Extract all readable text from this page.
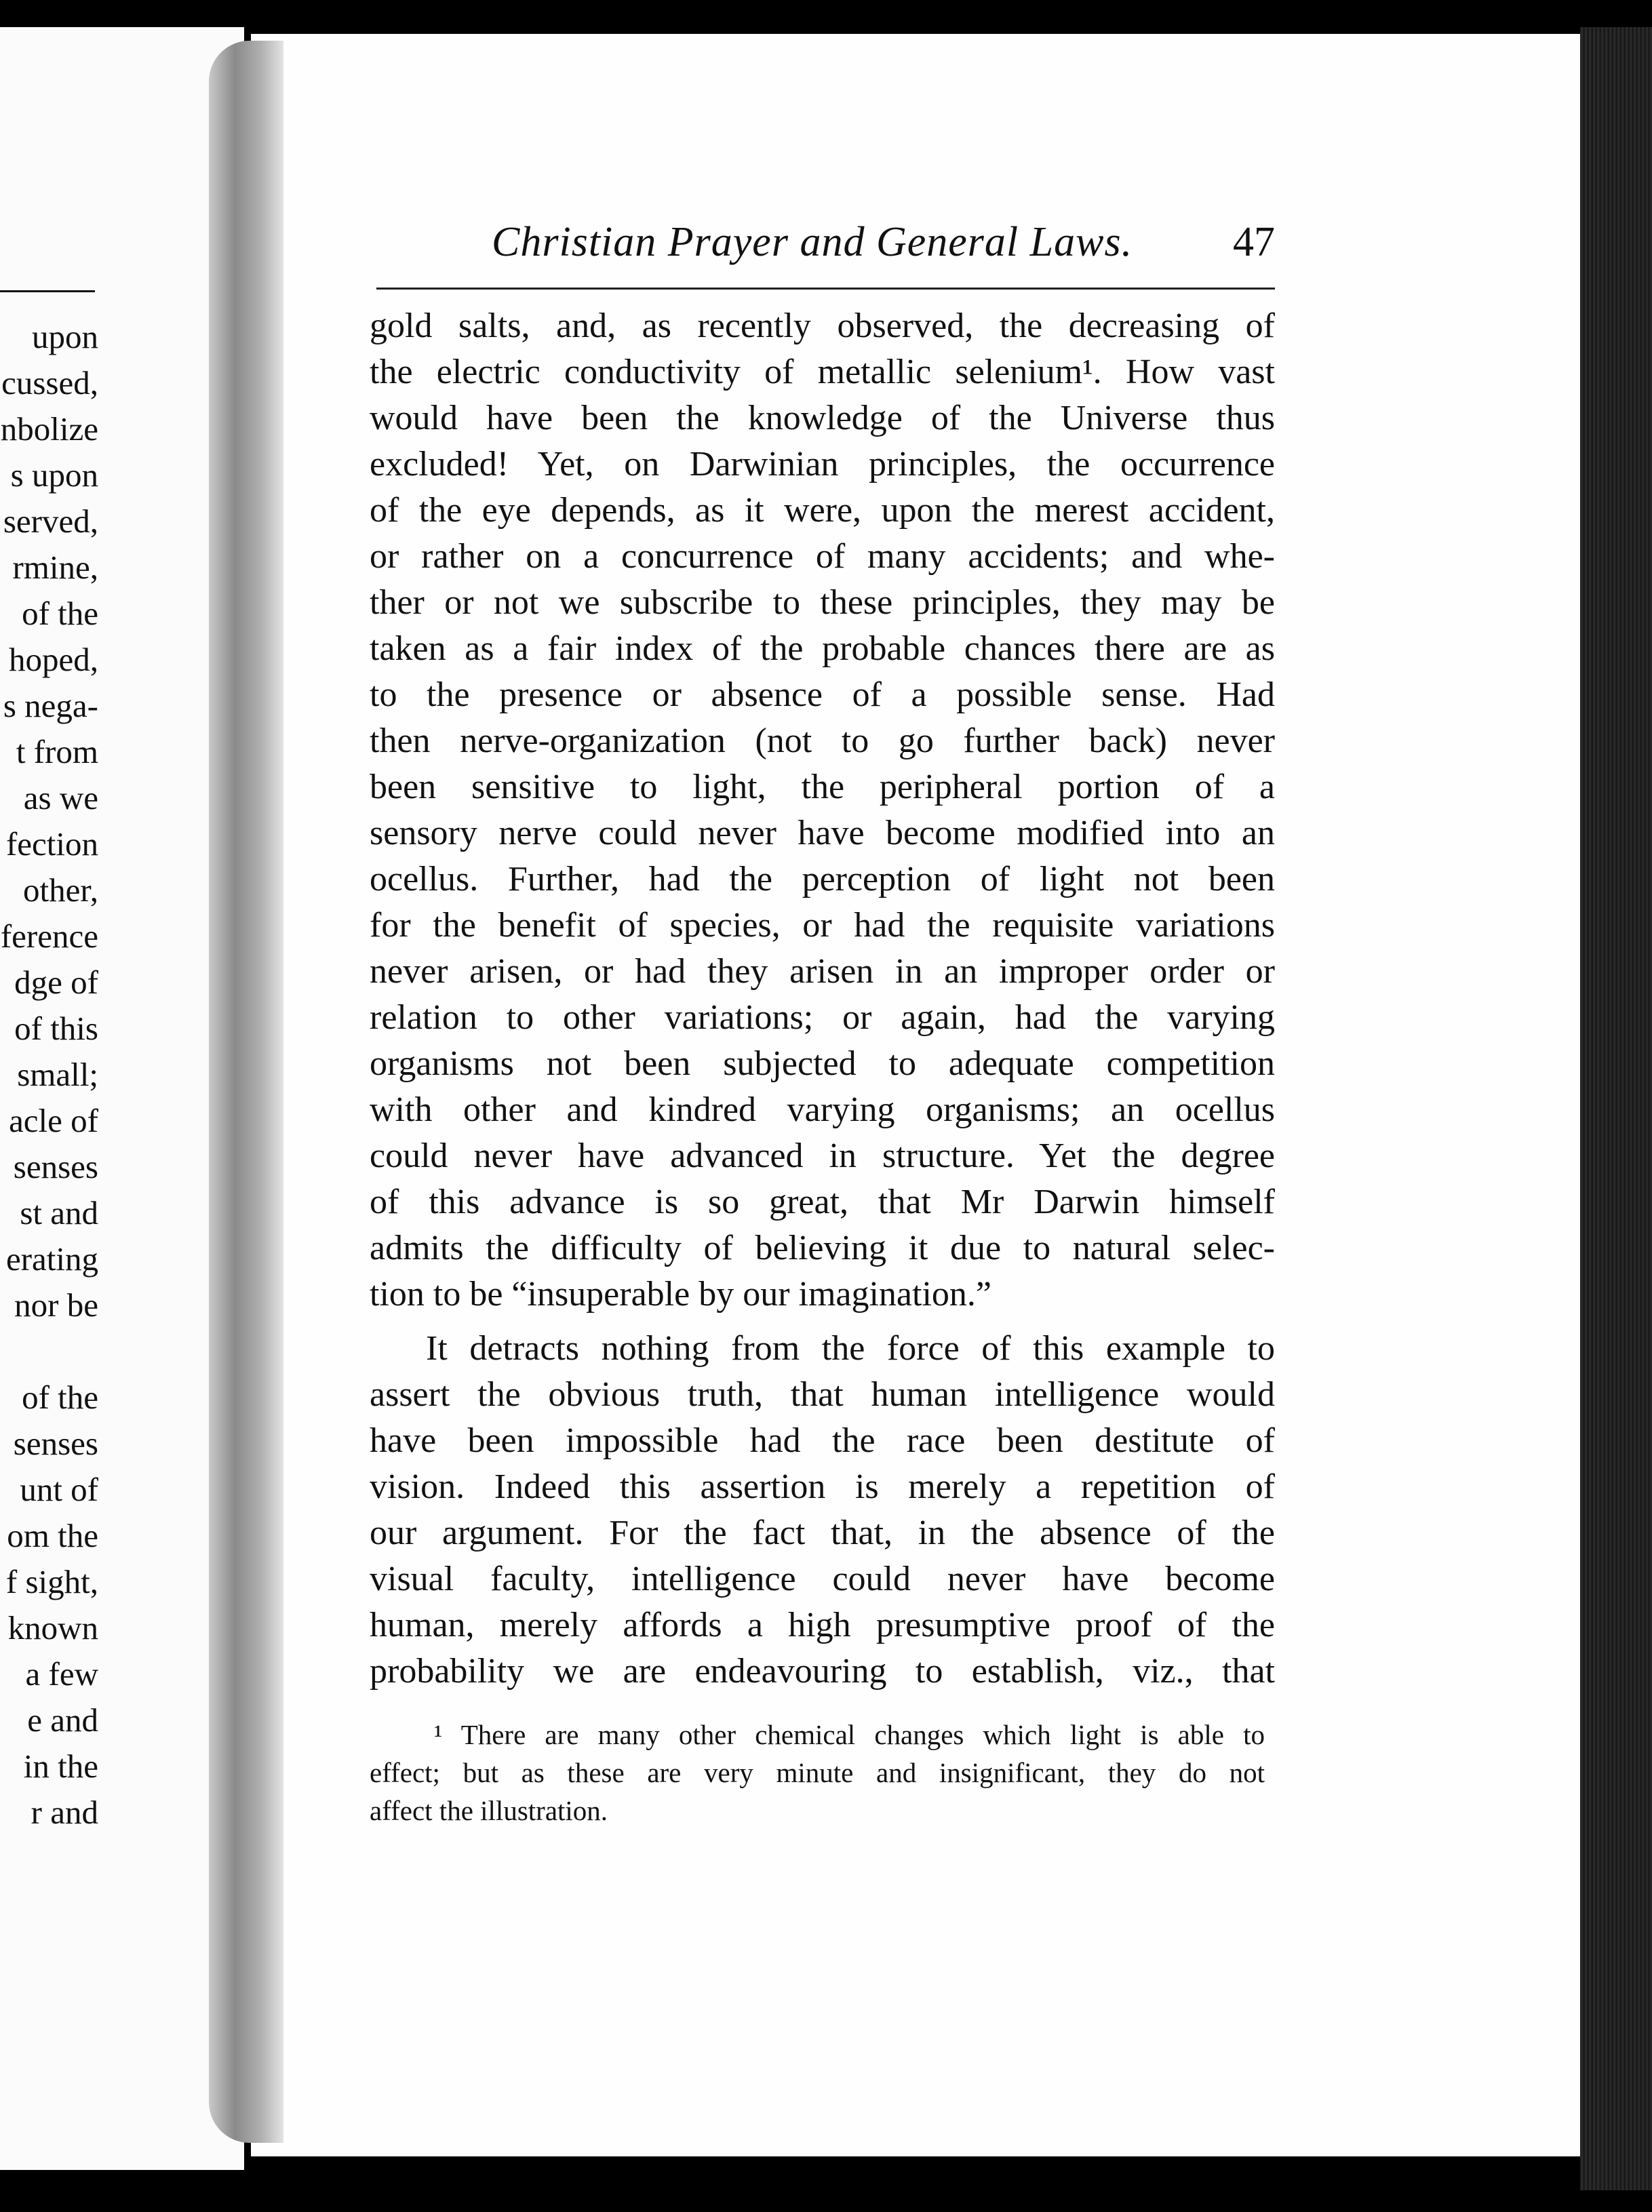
upon
cussed,
nbolize
s upon
served,
rmine,
of the
hoped,
s nega-
t from
as we
fection
other,
ference
dge of
of this
small;
acle of
senses
st and
erating
nor be
of the
senses
unt of
om the
f sight,
known
a few
e and
in the
r and
Christian Prayer and General Laws. 47
gold salts, and, as recently observed, the decreasing of
the electric conductivity of metallic selenium¹. How vast
would have been the knowledge of the Universe thus
excluded! Yet, on Darwinian principles, the occurrence
of the eye depends, as it were, upon the merest accident,
or rather on a concurrence of many accidents; and whe-
ther or not we subscribe to these principles, they may be
taken as a fair index of the probable chances there are as
to the presence or absence of a possible sense. Had
then nerve-organization (not to go further back) never
been sensitive to light, the peripheral portion of a
sensory nerve could never have become modified into an
ocellus. Further, had the perception of light not been
for the benefit of species, or had the requisite variations
never arisen, or had they arisen in an improper order or
relation to other variations; or again, had the varying
organisms not been subjected to adequate competition
with other and kindred varying organisms; an ocellus
could never have advanced in structure. Yet the degree
of this advance is so great, that Mr Darwin himself
admits the difficulty of believing it due to natural selec-
tion to be “insuperable by our imagination.”
It detracts nothing from the force of this example to
assert the obvious truth, that human intelligence would
have been impossible had the race been destitute of
vision. Indeed this assertion is merely a repetition of
our argument. For the fact that, in the absence of the
visual faculty, intelligence could never have become
human, merely affords a high presumptive proof of the
probability we are endeavouring to establish, viz., that
¹ There are many other chemical changes which light is able to
effect; but as these are very minute and insignificant, they do not
affect the illustration.
